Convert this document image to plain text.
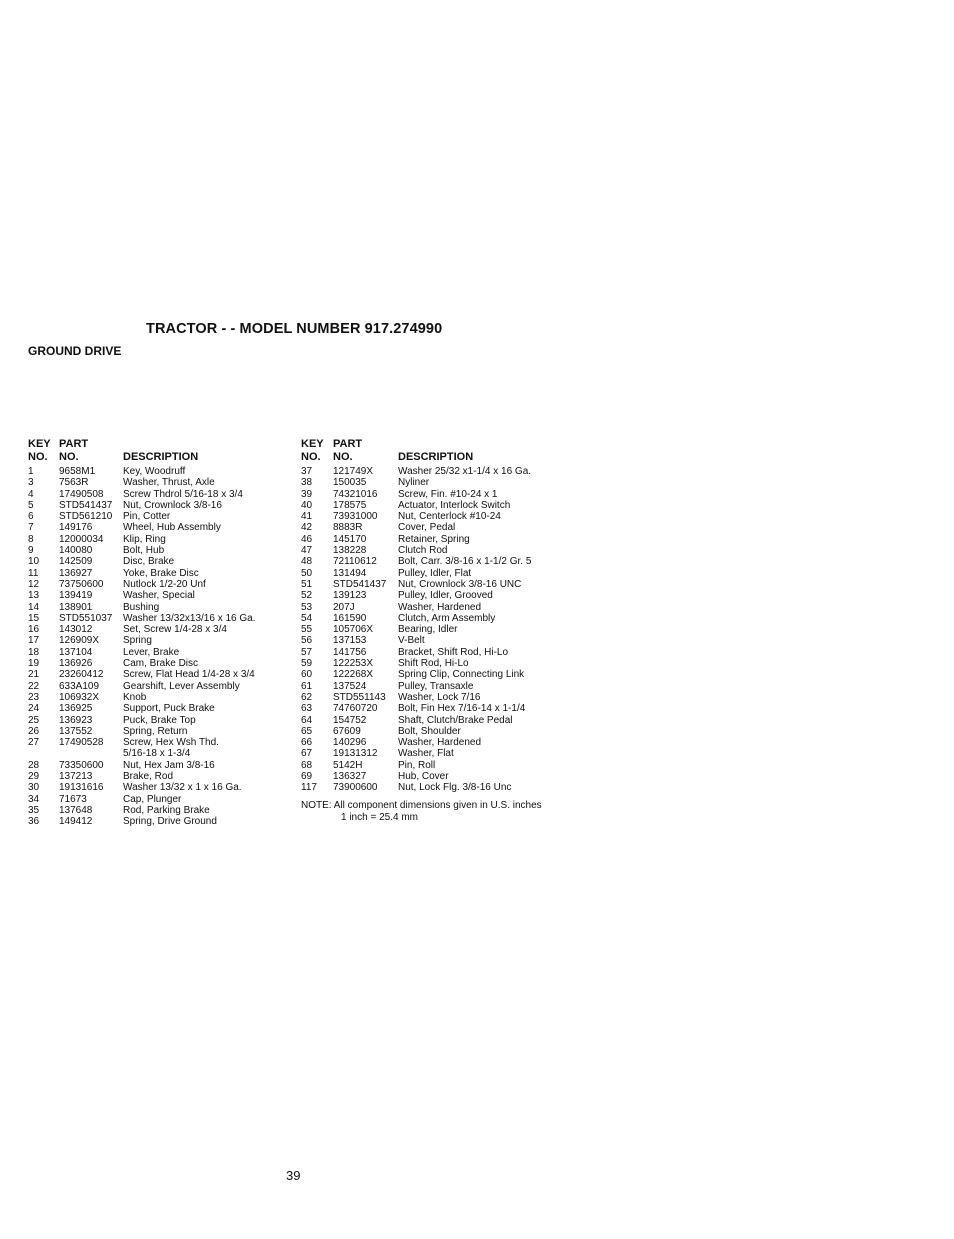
TRACTOR - - MODEL NUMBER 917.274990
GROUND DRIVE
KEY PART
NO. NO.	DESCRIPTION
1	9658M1	Key, Woodruff
3	7563R	Washer, Thrust, Axle
4	17490508 Screw Thdrol 5/16-18 x 3/4
5	STD541437 Nut, Crownlock 3/8-16
6	STD561210 Pin, Cotter
7	149176	Wheel, Hub Assembly
8	12000034 Klip, Ring
9	140080	Bolt, Hub
10 142509	Disc, Brake
11 136927	Yoke, Brake Disc
12 73750600 Nutlock 1/2-20 Unf
13 139419	Washer, Special
14 138901	Bushing
15 STD551037 Washer 13/32x13/16 x 16 Ga.
16 143012	Set, Screw 1/4-28 x 3/4
17 126909X Spring
18 137104	Lever, Brake
19 136926	Cam, Brake Disc
21 23260412 Screw, Flat Head 1/4-28 x 3/4
22 633A109 Gearshift, Lever Assembly
23 106932X Knob
24 136925	Support, Puck Brake
25 136923	Puck, Brake Top
26 137552	Spring, Return
27 17490528 Screw, Hex Wsh Thd.
5/16-18 x 1-3/4
28 73350600 Nut, Hex Jam 3/8-16
29 137213	Brake, Rod
30 19131616 Washer 13/32 x 1 x 16 Ga.
34 71673	Cap, Plunger
35 137648	Rod, Parking Brake
36 149412	Spring, Drive Ground
KEY PART
NO. NO.	DESCRIPTION
37 121749X Washer 25/32 x1-1/4 x 16 Ga.
38 150035	Nyliner
39 74321016 Screw, Fin. #10-24 x 1
40 178575	Actuator, Interlock Switch
41 73931000 Nut, Centerlock #10-24
42 8883R	Cover, Pedal
46 145170	Retainer, Spring
47 138228	Clutch Rod
48 72110612 Bolt, Carr. 3/8-16 x 1-1/2 Gr. 5
50 131494	Pulley, Idler, Flat
51 STD541437 Nut, Crownlock 3/8-16 UNC
52 139123	Pulley, Idler, Grooved
53 207J	Washer, Hardened
54 161590	Clutch, Arm Assembly
55 105706X Bearing, Idler
56 137153	V-Belt
57 141756	Bracket, Shift Rod, Hi-Lo
59 122253X Shift Rod, Hi-Lo
60 122268X Spring Clip, Connecting Link
61 137524	Pulley, Transaxle
62 STD551143 Washer, Lock 7/16
63 74760720 Bolt, Fin Hex 7/16-14 x 1-1/4
64 154752	Shaft, Clutch/Brake Pedal
65 67609	Bolt, Shoulder
66 140296	Washer, Hardened
67 19131312 Washer, Flat
68 5142H	Pin, Roll
69 136327	Hub, Cover
117 73900600 Nut, Lock Flg. 3/8-16 Unc
NOTE: All component dimensions given in U.S. inches
1 inch = 25.4 mm
39
